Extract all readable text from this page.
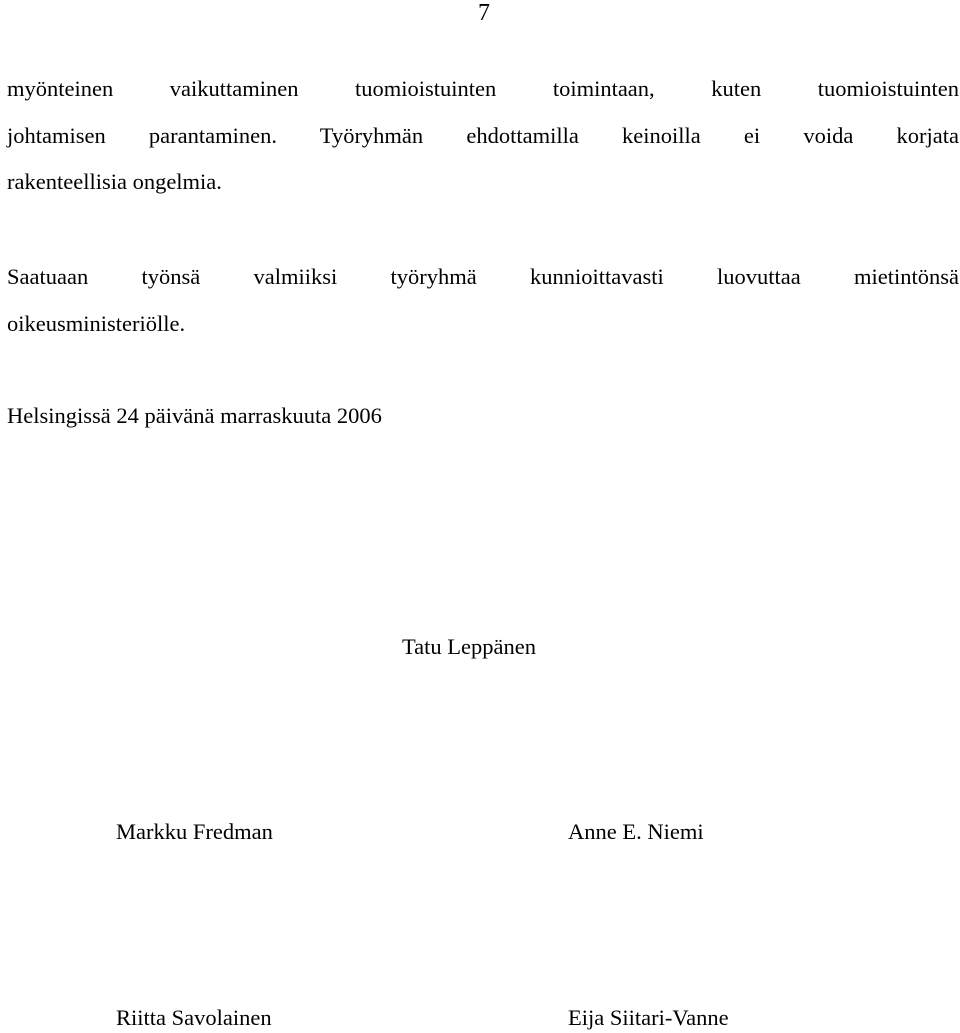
7

myönteinen vaikuttaminen tuomioistuinten toimintaan, kuten tuomioistuinten
johtamisen parantaminen. Työryhmän ehdottamilla keinoilla ei voida korjata
rakenteellisia ongelmia.

Saatuaan työnsä valmiiksi työryhmä kunnioittavasti luovuttaa mietintönsä
oikeusministeriölle.

Helsingissä 24 päivänä marraskuuta 2006
Tatu Leppänen
Markku Fredman	Anne E. Niemi
Riitta Savolainen	Eija Siitari-Vanne
